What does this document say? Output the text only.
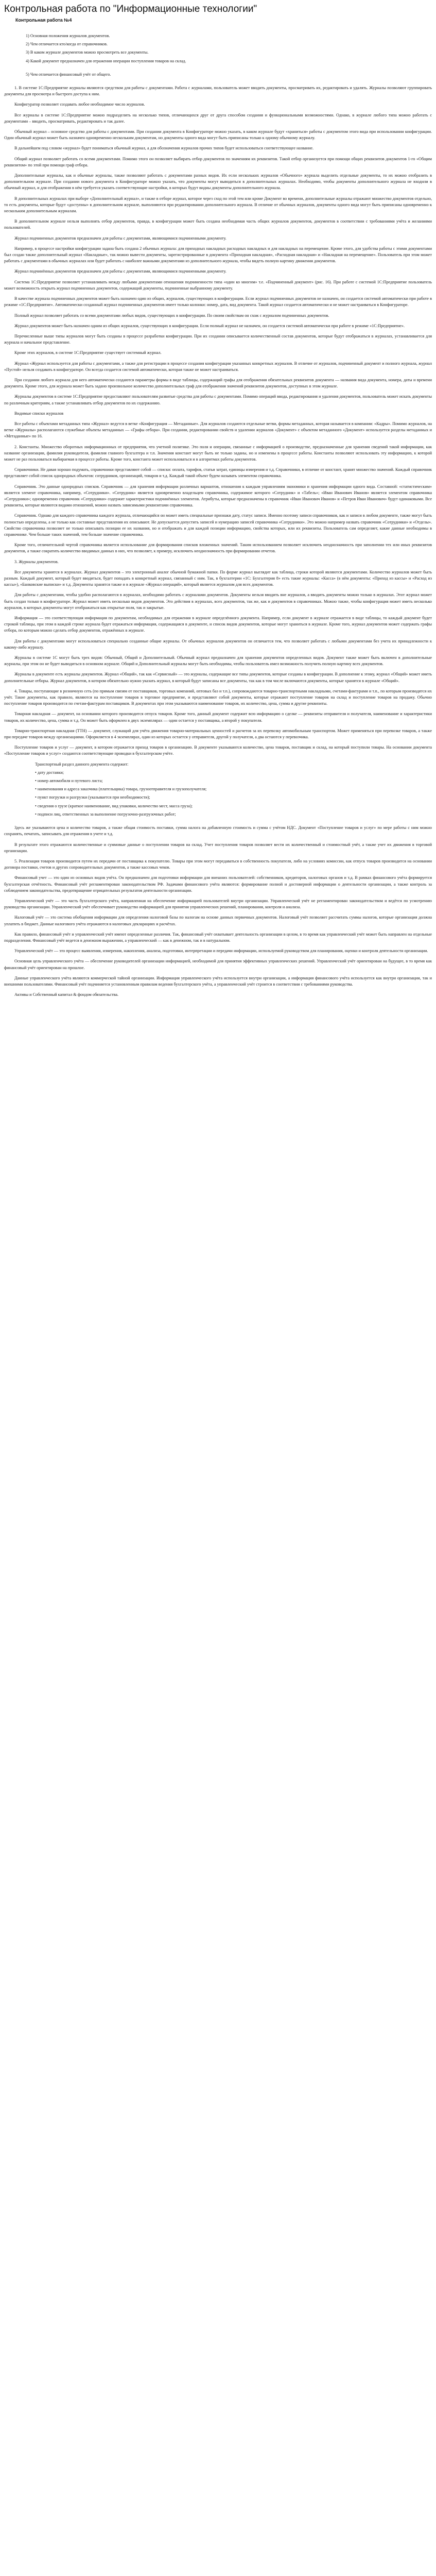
Контрольная работа по "Информационные технологии"
Контрольная работа №4

1) Основная положения журналов документов.

2) Чем отличается кто/когда от справочников.

3) В каком журнале документов можно просмотреть все документы.

4) Какой документ предназначен для отражения операции поступления товаров на склад.

5) Чем отличается финансовый учёт от общего.

1. В системе 1С:Предприятие журналы являются средством для работы с документами. Работа с журналами, пользователь может вводить документы, просматривать их, редактировать и удалять. Журналы позволяют группировать документы для просмотра и быстрого доступа к ним.

Конфигуратор позволяет создавать любое необходимое число журналов.

Все журналы в системе 1С:Предприятие можно подразделить на несколько типов, отличающихся друг от друга способом создания и функциональными возможностями. Однако, в журнале любого типа можно работать с документами – вводить, просматривать, редактировать и так далее.

Обычный журнал – основное средство для работы с документами. При создании документа в Конфигураторе можно указать, в каком журнале будут «храниться» работы с документом этого вида при использовании конфигурации. Один обычный журнал может быть назначен одновременно нескольким документам, но документы одного вида могут быть приписаны только к одному обычному журналу.

В дальнейшем под словом «журнал» будет пониматься обычный журнал, а для обозначения журналов прочих типов будет использоваться соответствующее название.

Общий журнал позволяет работать со всеми документами. Помимо этого он позволяет выбирать отбор документов по значениям их реквизитов. Такой отбор организуется при помощи общих реквизитов документов 1-го «Общим реквизитом» по этой при помощи граф отбора.

Дополнительные журналы, как и обычные журналы, также позволяют работать с документами разных видов. Их если нескольких журналов «Обычного» журнала выделить отдельные документы, то их можно отобразить в дополнительном журнале. При создании нового документа в Конфигураторе можно указать, что документы могут выводиться в дополнительных журналах. Необходимо, чтобы документы дополнительного журнала не входили в обычный журнал, и для отображения в нём требуется указать соответствующие настройки, в которых будут видны документы дополнительного журнала.

В дополнительных журналах при выборе «Дополнительный журнал», и также в отборе журнал, которое через сход по этой тем или кроме Документ во времени, дополнительные журналы отражают множество документов отдельно, то есть документы, которые будут «доступны» в дополнительном журнале, выполняются при редактировании дополнительного журнала. В отличие от обычных журналов, документы одного вида могут быть приписаны одновременно к нескольким дополнительным журналам.

В дополнительном журнале нельзя выполнять отбор документов, правда, в конфигурации может быть создана необходимая часть общих журналов документов, документов в соответствии с требованиями учёта и желаниями пользователей.

Журнал подчиненных документов предназначен для работы с документами, являющимися подчиненными документу.

Например, в процессе настройки конфигурации задана быть создана 2 обычных журнала: для приходных накладных расходных накладных и для накладных на перемещение. Кроме этого, для удобства работы с этими документами был создан также дополнительный журнал «Накладные», так можно вывести документы, зарегистрированные в документа «Приходная накладная», «Расходная накладная» и «Накладная на перемещение». Пользователь при этом может работать с документами в обычных журналах или будет работать с наиболее важными документами из дополнительного журнала, чтобы видеть полную картину движения документов.

Журнал подчинённых документов предназначен для работы с документами, являющимися подчиненными документу.

Система 1С:Предприятие позволяет устанавливать между любыми документами отношения подчиненности типа «один ко многим» т.е. «Подчиненный документ» (рис. 16). При работе с системой 1С:Предприятие пользователь может возможность открыть журнал подчиненных документов, содержащий документы, подчиненные выбранному документу.

В качестве журнала подчиненных документов может быть назначен один из общих, журналов, существующих в конфигурации. Если журнал подчиненных документов не назначен, он создается системой автоматически при работе в режиме «1С:Предприятие». Автоматически созданный журнал подчиненных документов имеет только колонки: номер, дата, вид документа. Такой журнал создается автоматически и не может настраиваться в Конфигураторе.

Полный журнал позволяет работать со всеми документами любых видов, существующих в конфигурации. По своим свойствам он схож с журналом подчиненных документов.

Журнал документов может быть назначен одним из общих журналов, существующих в конфигурации. Если полный журнал не назначен, он создается системой автоматически при работе в режиме «1С:Предприятие».

Перечисленные выше типы журналов могут быть созданы в процессе разработки конфигурации. При их создании описывается количественный состав документов, которые будут отображаться в журналах, устанавливается для журнала и начальное представление.

Кроме этих журналов, в системе 1С:Предприятие существует системный журнал.

Журнал «Журнал используется для работы с документами, а также для регистрации в процессе создания конфигурации указанных конкретных журналов. В отличие от журналов, подчиненный документ и полного журнала, журнал «Пустой» нельзя создавать в конфигураторе. Он всегда создается системой автоматически, которая также не может настраиваться.

При создании любого журнала для него автоматически создаются параметры формы в виде таблицы, содержащий графы для отображения обязательных реквизитов документа — названия вида документа, номера, даты и времени документа. Кроме этого, для журнала может быть задано произвольное количество дополнительных граф для отображения значений реквизитов документов, доступных в этом журнале.

Журналы документов в системе 1С:Предприятие предоставляют пользователям развитые средства для работы с документами. Помимо операций ввода, редактирования и удаления документов, пользователь может искать документы по различным критериям, а также устанавливать отбор документов по их содержанию.

Видимые списки журналов

Все работы с объектами метаданных типа «Журнал» ведутся в ветке «Конфигурация — Метаданные». Для журналов создаются отдельные ветви, формы метаданных, которая называется в компании: «Кадры». Помимо журналов, на ветке «Журналы» располагаются служебные объекты метаданных — «Графы отбора». При создании, редактировании свойств и удалении журналов «Документ» с объектом метаданного «Документ» используется разделы метаданных и «Метаданные» по 16.

2. Константы. Множество оборотных информационных от предприятия, что учетной политике. Это поля и операции, связанные с информацией о производстве, предназначенные для хранения сведений такой информации, как название организации, фамилия руководителя, фамилия главного бухгалтера и т.п. Значения констант могут быть не только заданы, но и изменены в процессе работы. Константы позволяют использовать эту информацию, к которой может не раз пользоваться выбираемая в процессе работы. Кроме того, константа может использоваться и в алгоритмах работы документов.

Справочники. Не давая хорошо подумать, справочники представляют собой — списки: оплата, тарифов, статьи затрат, единицы измерения и т.д. Справочники, в отличие от констант, хранят множество значений. Каждый справочник представляет собой список однородных объектов: сотрудников, организаций, товаров и т.д. Каждый такой объект будем называть элементом справочника.

Справочник. Это данные однородных списков. Справочник — для хранения информации различных вариантов, отношения к каждым управлениям экономики и хранения информации одного вида. Составной: «статистическим» является элемент справочника, например, «Сотрудники». «Сотрудник» является одновременно владельцем справочника, содержимое которого «Сотрудник» и «Табель»; «Иван Иванович Иванов» является элементом справочника «Сотрудники»; одновременно справочник «Сотрудники» содержит характеристики подчинённых элементов. Атрибуты, которые предназначены в справочник «Иван Иванович Иванов» и «Петров Иван Иванович» будут одинаковыми. Все реквизиты, которые являются видами отношений, можно назвать зависимыми реквизитами справочника.

Справочник. Однако для каждого справочника каждого журнала, отличающийся он может иметь специальные признаки дату, статус записи. Именно поэтому записи справочников, как и записи в любом документе, также могут быть полностью определены, а не только как составные представления их описывают. Не допускается допустить записей и нумерацию записей справочника «Сотрудники». Это можно например назвать справочник «Сотрудники» и «Отделы». Свойство справочника позволяет не только описывать позиции ее их названия, но и отображать и для каждой позиции информацию, свойства которых, или их реквизиты. Пользователь сам определяет, какие данные необходимы в справочнике. Чем больше таких значений, тем больше значение справочника.

Кроме того, отличительной чертой справочника является использование для формирования списков вложенных значений. Таким использованием позволяет исключить неоднозначность при заполнении тех или иных реквизитов документов, а также сократить количество вводимых данных в них, что позволяет, к примеру, исключить неоднозначность при формировании отчетов.

3. Журналы документов.

Все документы хранятся в журналах. Журнал документов – это электронный аналог обычной бумажной папки. По форме журнал выглядит как таблица, строки которой являются документами. Количество журналов может быть разным. Каждый документ, который будет вводиться, будет попадать в конкретный журнал, связанный с ним. Так, в бухгалтерии «1С: Бухгалтерия 8» есть такие журналы: «Касса» (в нём документы: «Приход из кассы» и «Расход из кассы»), «Банковские выписки» и т.д. Документы хранятся также и в журнале «Журнал операций», который является журналом для всех документов.

Для работы с документами, чтобы удобно располагаются в журналах, необходимо работать с журналами документов. Документы нельзя вводить вне журналов, а вводить документы можно только в журналах. Этот журнал может быть создан только в конфигураторе. Журнал может иметь несколько видов документов. Это действия в журналах, всех документов, так же, как и документов в справочниках. Можно также, чтобы конфигурация может иметь несколько журналов, в которых документы могут отображаться как открытые поля, так и закрытые.

Информация — это соответствующая информация по документам, необходимых для отражения в журнале определённого документа. Например, если документ в журнале отражается в виде таблицы, то каждый документ будет строкой таблицы, при этом в каждой строке журнала будет отражаться информация, содержащаяся в документе, и список видов документов, которые могут храниться в журнале. Кроме того, журнал документов может содержать графы отбора, по которым можно сделать отбор документов, отражённых в журнале.

Для работы с документами могут использоваться специально созданные общие журналы. От обычных журналов документов он отличается тем, что позволяет работать с любыми документами без учета их принадлежности к какому-либо журналу.

Журналы в системе 1С могут быть трех видов: Обычный, Общий и Дополнительный. Обычный журнал предназначен для хранения документов определенных видов. Документ также может быть включен в дополнительные журналы, при этом он не будет выводиться в основном журнале. Общий и Дополнительный журналы могут быть необходимы, чтобы пользователь имел возможность получить полную картину всех документов.

Журналы в документе есть журналы документов. Журнал «Общий», так как «Сервисный» — это журналы, содержащие все типы документов, которые созданы в конфигурации. В дополнение к этому, журнал «Общий» может иметь дополнительные отборы. Журнал документов, в котором обязательно нужно указать журнал, в который будут записаны все документы, так как в том числе включаются документы, которые хранятся в журнале «Общий».

4. Товары, поступающие в розничную сеть (по прямым связям от поставщиков, торговых компаний, оптовых баз и т.п.), сопровождаются товарно-транспортными накладными, счетами-фактурами и т.п., по которым производятся их учёт. Такие документы, как правило, являются на поступление товаров в торговое предприятие, и представляют собой документы, которые отражают поступление товаров на склад и поступление товаров на продажу. Обычно поступление товаров производится по счетам-фактурам поставщиков. В документах при этом указываются наименование товаров, их количество, цена, сумма и другие реквизиты.

Товарная накладная — документ, на основании которого производится отпуск товаров. Кроме того, данный документ содержит всю информацию о сделке — реквизиты отправителя и получателя, наименование и характеристики товаров, их количество, цена, сумма и т.д. Он может быть оформлен в двух экземплярах — один остается у поставщика, а второй у покупателя.

Товарно-транспортная накладная (ТТН) — документ, служащий для учёта движения товарно-материальных ценностей и расчетов за их перевозку автомобильным транспортом. Может применяться при перевозке товаров, а также при передаче товаров между организациями. Оформляется в 4 экземплярах, один из которых остается у отправителя, другой у получателя, а два остаются у перевозчика.

Поступление товаров и услуг — документ, в котором отражается приход товаров в организацию. В документе указываются количество, цена товаров, поставщик и склад, на который поступили товары. На основании документа «Поступление товаров и услуг» создаются соответствующие проводки в бухгалтерском учёте.

Транспортный раздел данного документа содержит:

• дату доставки;

• номер автомобиля и путевого листа;

• наименования и адреса заказчика (плательщика) товара, грузоотправителя и грузополучателя;

• пункт погрузки и разгрузки (указывается при необходимости);

• сведения о грузе (краткое наименование, вид упаковки, количество мест, масса груза);

• подписи лиц, ответственных за выполнение погрузочно-разгрузочных работ;

Здесь же указываются цена и количество товаров, а также общая стоимость поставки, сумма налога на добавленную стоимость и сумма с учётом НДС. Документ «Поступление товаров и услуг» по мере работы с ним можно сохранять, печатать, записывать для отражения в учете и т.д.

В результате этого отражаются количественные и суммовые данные о поступлении товаров на склад. Учет поступления товаров позволяет вести их количественный и стоимостный учёт, а также учет их движения в торговой организации.

5. Реализация товаров производится путем их передачи от поставщика к покупателю. Товары при этом могут передаваться в собственность покупателя, либо на условиях комиссии, как отпуск товаров производится на основании договора поставки, счетов и других сопроводительных документов, а также кассовых чеков.

Финансовый учет — это один из основных видов учёта. Он предназначен для подготовки информации для внешних пользователей: собственников, кредиторов, налоговых органов и т.д. В рамках финансового учёта формируется бухгалтерская отчётность. Финансовый учёт регламентирован законодательством РФ. Задачами финансового учёта являются: формирование полной и достоверной информации о деятельности организации, а также контроль за соблюдением законодательства, предотвращение отрицательных результатов деятельности организации.

Управленческий учёт — это часть бухгалтерского учёта, направленная на обеспечение информацией пользователей внутри организации. Управленческий учёт не регламентирован законодательством и ведётся по усмотрению руководства организации. Управленческий учёт обеспечивает руководство информацией для принятия управленческих решений, планирования, контроля и анализа.

Налоговый учёт — это система обобщения информации для определения налоговой базы по налогам на основе данных первичных документов. Налоговый учёт позволяет рассчитать суммы налогов, которые организация должна уплатить в бюджет. Данные налогового учёта отражаются в налоговых декларациях и расчётах.

Как правило, финансовый учёт и управленческий учёт имеют определенные различия. Так, финансовый учёт охватывает деятельность организации в целом, в то время как управленческий учёт может быть направлен на отдельные подразделения. Финансовый учёт ведется в денежном выражении, а управленческий — как в денежном, так и в натуральном.

Управленческий учёт — это процесс выявления, измерения, накопления, анализа, подготовки, интерпретации и передачи информации, используемой руководством для планирования, оценки и контроля деятельности организации.

Основная цель управленческого учёта — обеспечение руководителей организации информацией, необходимой для принятия эффективных управленческих решений. Управленческий учёт ориентирован на будущее, в то время как финансовый учёт ориентирован на прошлое.

Данные управленческого учёта являются коммерческой тайной организации. Информация управленческого учёта используется внутри организации, а информация финансового учёта используется как внутри организации, так и внешними пользователями. Финансовый учёт подчиняется установленным правилам ведения бухгалтерского учёта, а управленческий учёт строится в соответствии с требованиями руководства.

Активы и Собственный капитал & фондом обязательства.
